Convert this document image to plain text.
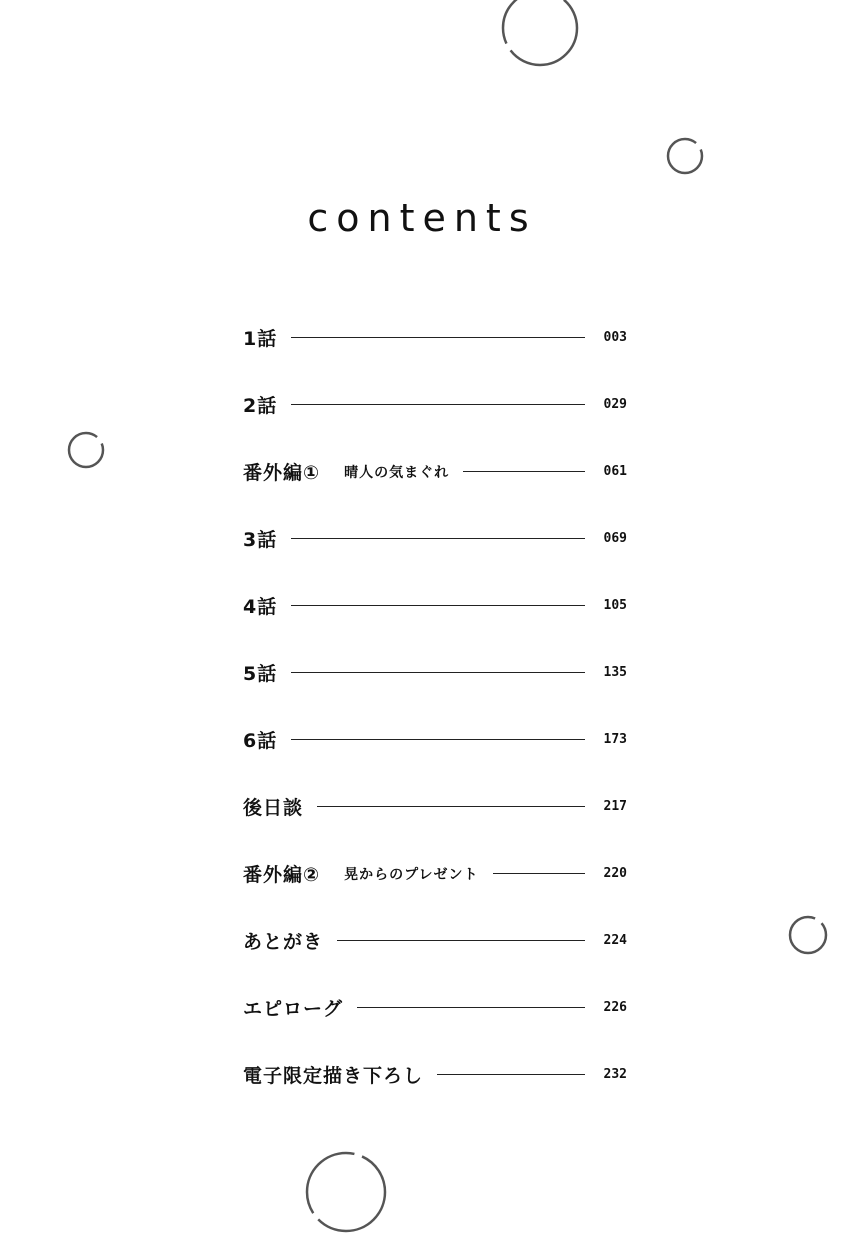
contents
1話	003
2話	029
番外編① 晴人の気まぐれ	061
3話	069
4話	105
5話	135
6話	173
後日談	217
番外編② 晃からのプレゼント	220
あとがき	224
エピローグ	226
電子限定描き下ろし	232
